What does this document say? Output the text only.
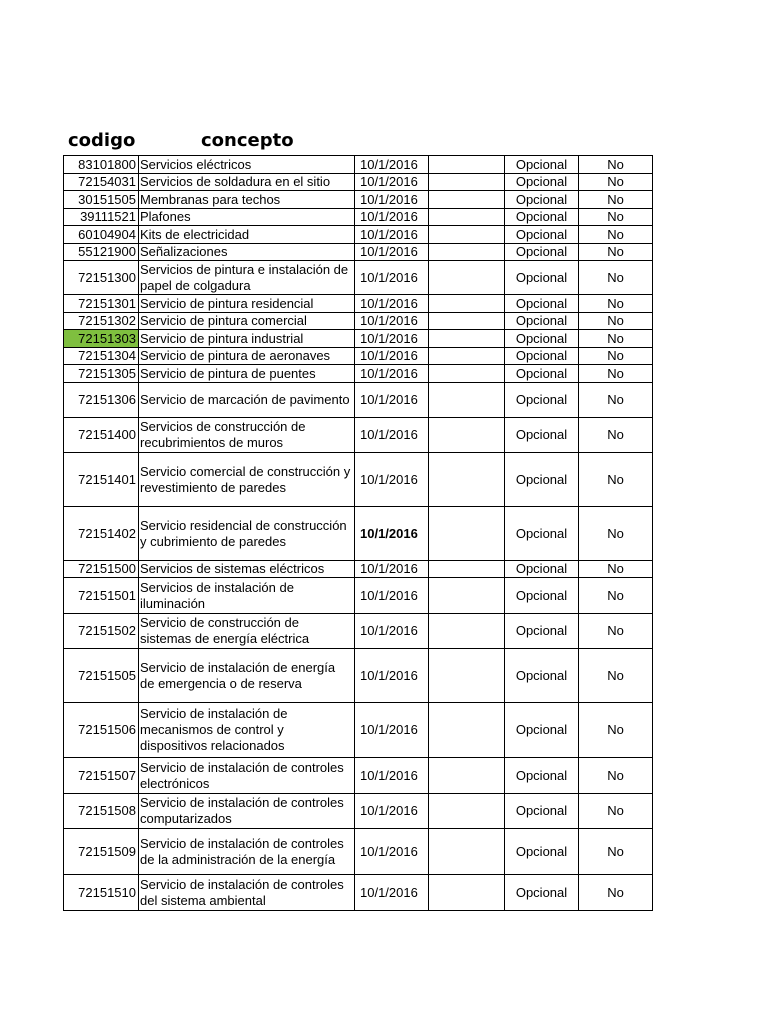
codigo	concepto
83101800	Servicios eléctricos	10/1/2016		Opcional	No
72154031	Servicios de soldadura en el sitio	10/1/2016		Opcional	No
30151505	Membranas para techos	10/1/2016		Opcional	No
39111521	Plafones	10/1/2016		Opcional	No
60104904	Kits de electricidad	10/1/2016		Opcional	No
55121900	Señalizaciones	10/1/2016		Opcional	No
72151300	Servicios de pintura e instalación de papel de colgadura	10/1/2016		Opcional	No
72151301	Servicio de pintura residencial	10/1/2016		Opcional	No
72151302	Servicio de pintura comercial	10/1/2016		Opcional	No
72151303	Servicio de pintura industrial	10/1/2016		Opcional	No
72151304	Servicio de pintura de aeronaves	10/1/2016		Opcional	No
72151305	Servicio de pintura de puentes	10/1/2016		Opcional	No
72151306	Servicio de marcación de pavimento	10/1/2016		Opcional	No
72151400	Servicios de construcción de recubrimientos de muros	10/1/2016		Opcional	No
72151401	Servicio comercial de construcción y revestimiento de paredes	10/1/2016		Opcional	No
72151402	Servicio residencial de construcción y cubrimiento de paredes	10/1/2016		Opcional	No
72151500	Servicios de sistemas eléctricos	10/1/2016		Opcional	No
72151501	Servicios de instalación de iluminación	10/1/2016		Opcional	No
72151502	Servicio de construcción de sistemas de energía eléctrica	10/1/2016		Opcional	No
72151505	Servicio de instalación de energía de emergencia o de reserva	10/1/2016		Opcional	No
72151506	Servicio de instalación de mecanismos de control y dispositivos relacionados	10/1/2016		Opcional	No
72151507	Servicio de instalación de controles electrónicos	10/1/2016		Opcional	No
72151508	Servicio de instalación de controles computarizados	10/1/2016		Opcional	No
72151509	Servicio de instalación de controles de la administración de la energía	10/1/2016		Opcional	No
72151510	Servicio de instalación de controles del sistema ambiental	10/1/2016		Opcional	No
